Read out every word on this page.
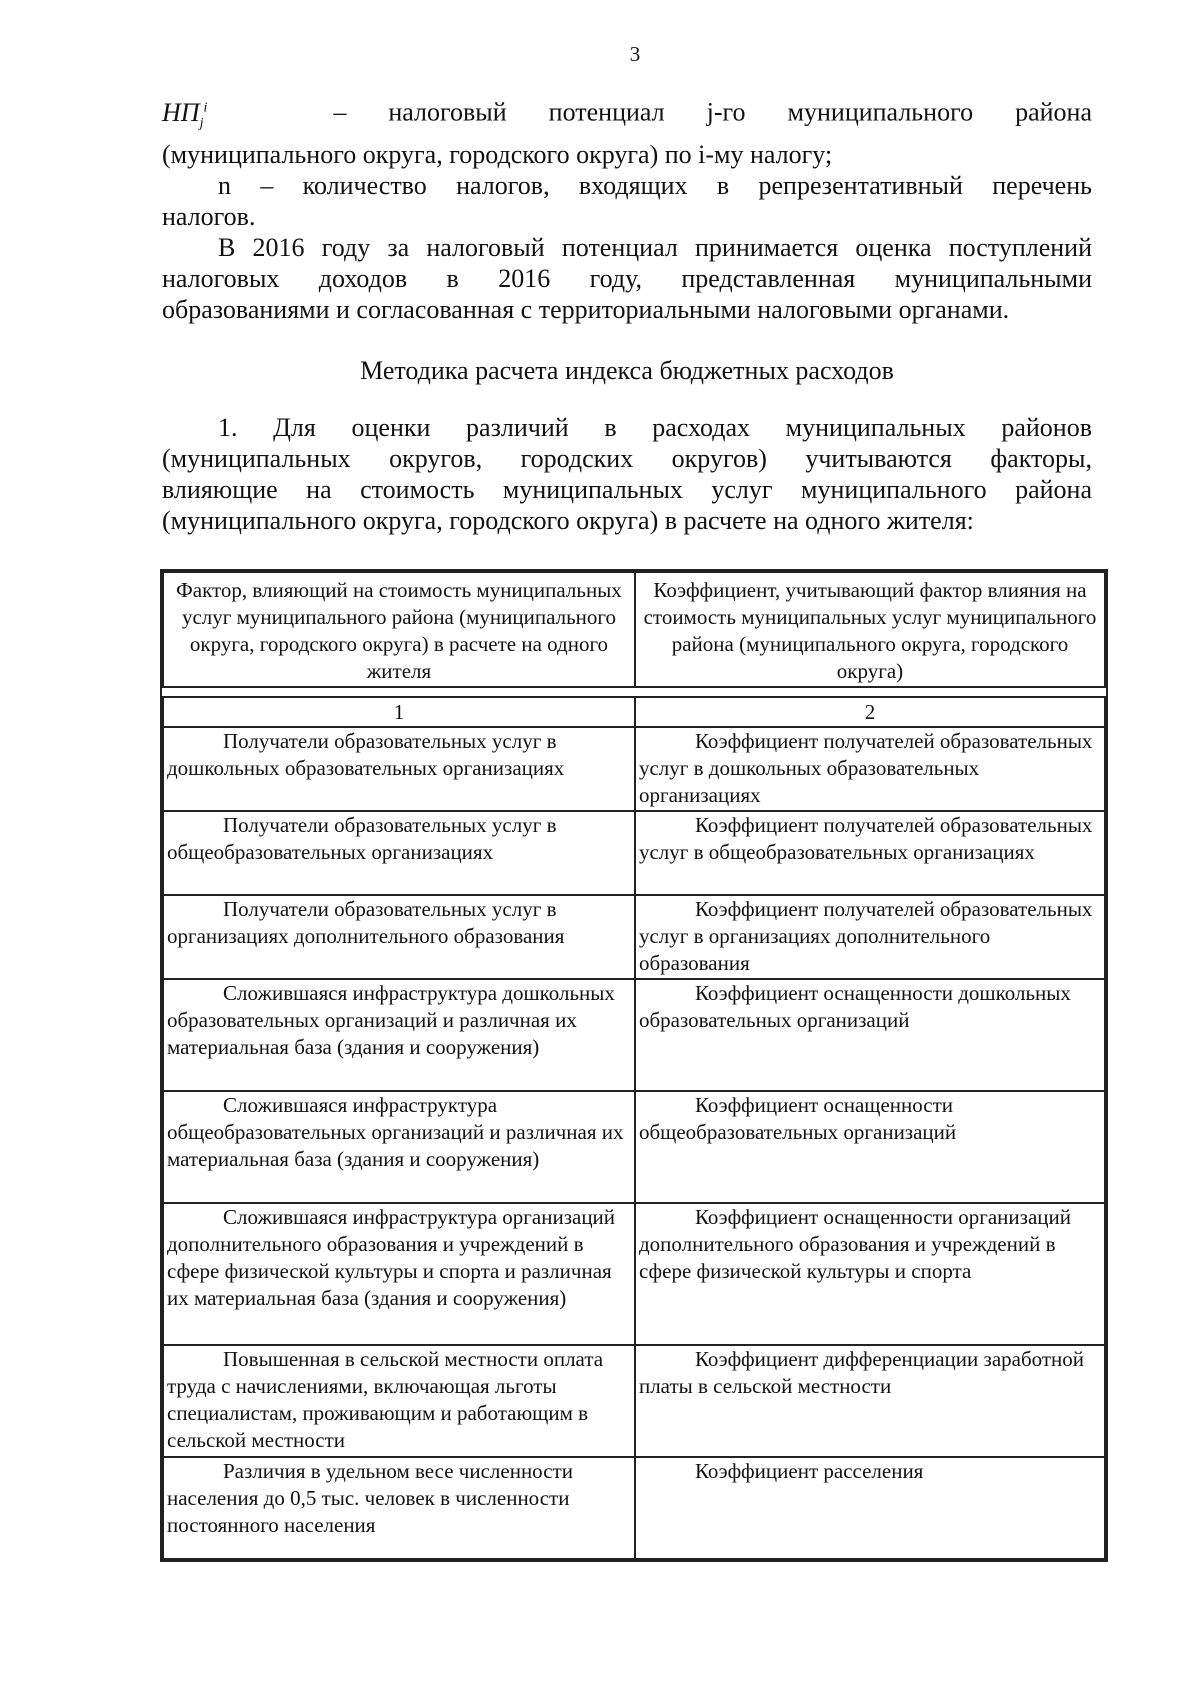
3
$НП_j^i$	– налоговый потенциал j-го муниципального района
(муниципального округа, городского округа) по i-му налогу;
n – количество налогов, входящих в репрезентативный перечень
налогов.
В 2016 году за налоговый потенциал принимается оценка поступлений
налоговых доходов в 2016 году, представленная муниципальными
образованиями и согласованная с территориальными налоговыми органами.
Методика расчета индекса бюджетных расходов
1. Для оценки различий в расходах муниципальных районов
(муниципальных округов, городских округов) учитываются факторы,
влияющие на стоимость муниципальных услуг муниципального района
(муниципального округа, городского округа) в расчете на одного жителя:
Фактор, влияющий на стоимость муниципальных услуг муниципального района (муниципального округа, городского округа) в расчете на одного жителя	Коэффициент, учитывающий фактор влияния на стоимость муниципальных услуг муниципального района (муниципального округа, городского округа)

1	2
Получатели образовательных услуг в дошкольных образовательных организациях	Коэффициент получателей образовательных услуг в дошкольных образовательных организациях
Получатели образовательных услуг в общеобразовательных организациях	Коэффициент получателей образовательных услуг в общеобразовательных организациях
Получатели образовательных услуг в организациях дополнительного образования	Коэффициент получателей образовательных услуг в организациях дополнительного образования
Сложившаяся инфраструктура дошкольных образовательных организаций и различная их материальная база (здания и сооружения)	Коэффициент оснащенности дошкольных образовательных организаций
Сложившаяся инфраструктура общеобразовательных организаций и различная их материальная база (здания и сооружения)	Коэффициент оснащенности общеобразовательных организаций
Сложившаяся инфраструктура организаций дополнительного образования и учреждений в сфере физической культуры и спорта и различная их материальная база (здания и сооружения)	Коэффициент оснащенности организаций дополнительного образования и учреждений в сфере физической культуры и спорта
Повышенная в сельской местности оплата труда с начислениями, включающая льготы специалистам, проживающим и работающим в сельской местности	Коэффициент дифференциации заработной платы в сельской местности
Различия в удельном весе численности населения до 0,5 тыс. человек в численности постоянного населения	Коэффициент расселения
